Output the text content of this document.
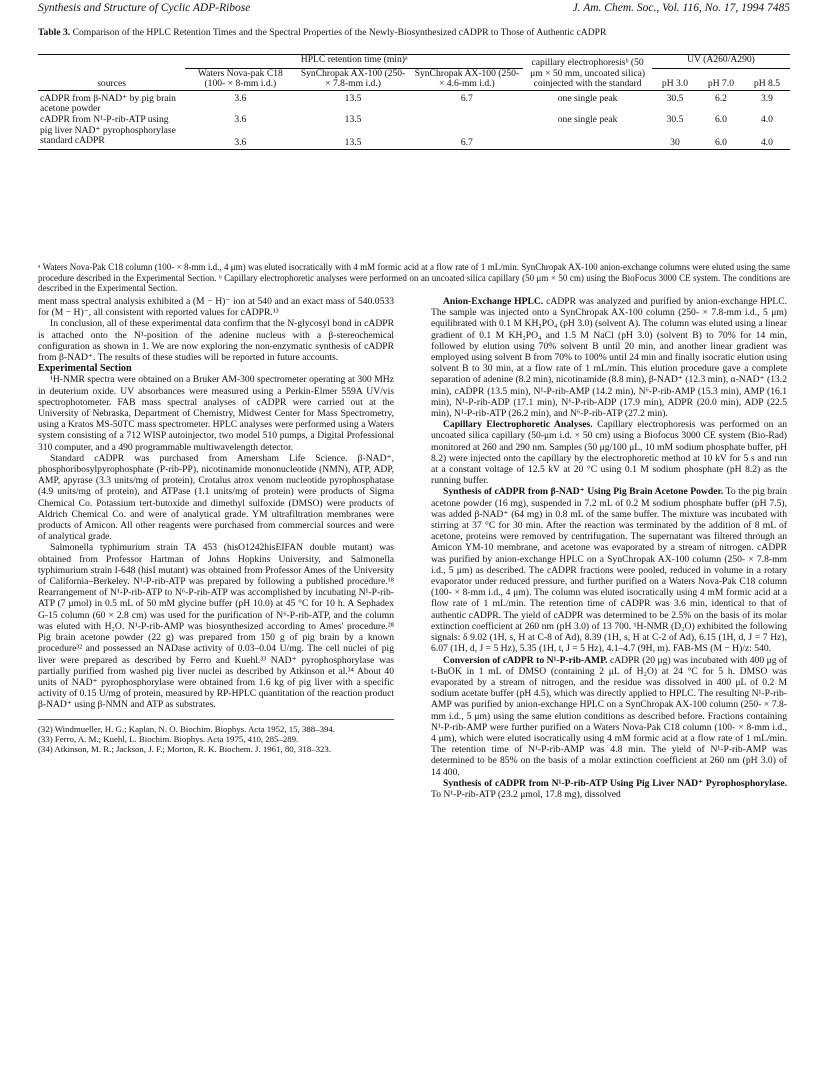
Synthesis and Structure of Cyclic ADP-Ribose	J. Am. Chem. Soc., Vol. 116, No. 17, 1994 7485
Table 3. Comparison of the HPLC Retention Times and the Spectral Properties of the Newly-Biosynthesized cADPR to Those of Authentic cADPR
	HPLC retention time (min)ᵃ			capillary electrophoresisᵇ (50 μm × 50 mm, uncoated silica) coinjected with the standard	UV (A260/A290)		
sources	Waters Nova-pak C18 (100- × 8-mm i.d.)	SynChropak AX-100 (250- × 7.8-mm i.d.)	SynChropak AX-100 (250- × 4.6-mm i.d.)		pH 3.0	pH 7.0	pH 8.5
cADPR from β-NAD⁺ by pig brain acetone powder	3.6	13.5	6.7	one single peak	30.5	6.2	3.9
cADPR from N¹-P-rib-ATP using pig liver NAD⁺ pyrophosphorylase	3.6	13.5		one single peak	30.5	6.0	4.0
standard cADPR	3.6	13.5	6.7		30	6.0	4.0
ᵃ Waters Nova-Pak C18 column (100- × 8-mm i.d., 4 μm) was eluted isocratically with 4 mM formic acid at a flow rate of 1 mL/min. SynChropak AX-100 anion-exchange columns were eluted using the same procedure described in the Experimental Section. ᵇ Capillary electrophoretic analyses were performed on an uncoated silica capillary (50 μm × 50 cm) using the BioFocus 3000 CE system. The conditions are described in the Experimental Section.

ment mass spectral analysis exhibited a (M − H)⁻ ion at 540 and an exact mass of 540.0533 for (M − H)⁻, all consistent with reported values for cADPR.¹³

In conclusion, all of these experimental data confirm that the N-glycosyl bond in cADPR is attached onto the N¹-position of the adenine nucleus with a β-stereochemical configuration as shown in 1. We are now exploring the non-enzymatic synthesis of cADPR from β-NAD⁺. The results of these studies will be reported in future accounts.

Experimental Section

¹H-NMR spectra were obtained on a Bruker AM-300 spectrometer operating at 300 MHz in deuterium oxide. UV absorbances were measured using a Perkin-Elmer 559A UV/vis spectrophotometer. FAB mass spectral analyses of cADPR were carried out at the University of Nebraska, Department of Chemistry, Midwest Center for Mass Spectrometry, using a Kratos MS-50TC mass spectrometer. HPLC analyses were performed using a Waters system consisting of a 712 WISP autoinjector, two model 510 pumps, a Digital Professional 310 computer, and a 490 programmable multiwavelength detector.

Standard cADPR was purchased from Amersham Life Science. β-NAD⁺, phosphoribosylpyrophosphate (P-rib-PP), nicotinamide mononucleotide (NMN), ATP, ADP, AMP, apyrase (3.3 units/mg of protein), Crotalus atrox venom nucleotide pyrophosphatase (4.9 units/mg of protein), and ATPase (1.1 units/mg of protein) were products of Sigma Chemical Co. Potassium tert-butoxide and dimethyl sulfoxide (DMSO) were products of Aldrich Chemical Co. and were of analytical grade. YM ultrafiltration membranes were products of Amicon. All other reagents were purchased from commercial sources and were of analytical grade.

Salmonella typhimurium strain TA 453 (hisO1242hisEIFAN double mutant) was obtained from Professor Hartman of Johns Hopkins University, and Salmonella typhimurium strain I-648 (hisI mutant) was obtained from Professor Ames of the University of California–Berkeley. N¹-P-rib-ATP was prepared by following a published procedure.¹⁸ Rearrangement of N¹-P-rib-ATP to N⁶-P-rib-ATP was accomplished by incubating N¹-P-rib-ATP (7 μmol) in 0.5 mL of 50 mM glycine buffer (pH 10.0) at 45 °C for 10 h. A Sephadex G-15 column (60 × 2.8 cm) was used for the purification of N⁶-P-rib-ATP, and the column was eluted with H₂O. N¹-P-rib-AMP was biosynthesized according to Ames' procedure.²⁸ Pig brain acetone powder (22 g) was prepared from 150 g of pig brain by a known procedure³² and possessed an NADase activity of 0.03–0.04 U/mg. The cell nuclei of pig liver were prepared as described by Ferro and Kuehl.³³ NAD⁺ pyrophosphorylase was partially purified from washed pig liver nuclei as described by Atkinson et al.³⁴ About 40 units of NAD⁺ pyrophosphorylase were obtained from 1.6 kg of pig liver with a specific activity of 0.15 U/mg of protein, measured by RP-HPLC quantitation of the reaction product β-NAD⁺ using β-NMN and ATP as substrates.

(32) Windmueller, H. G.; Kaplan, N. O. Biochim. Biophys. Acta 1952, 15, 388–394.
(33) Ferro, A. M.; Kuehl, L. Biochim. Biophys. Acta 1975, 410, 285–289.
(34) Atkinson, M. R.; Jackson, J. F.; Morton, R. K. Biochem. J. 1961, 80, 318–323.

Anion-Exchange HPLC. cADPR was analyzed and purified by anion-exchange HPLC. The sample was injected onto a SynChropak AX-100 column (250- × 7.8-mm i.d., 5 μm) equilibrated with 0.1 M KH₂PO₄ (pH 3.0) (solvent A). The column was eluted using a linear gradient of 0.1 M KH₂PO₄ and 1.5 M NaCl (pH 3.0) (solvent B) to 70% for 14 min, followed by elution using 70% solvent B until 20 min, and another linear gradient was employed using solvent B from 70% to 100% until 24 min and finally isocratic elution using solvent B to 30 min, at a flow rate of 1 mL/min. This elution procedure gave a complete separation of adenine (8.2 min), nicotinamide (8.8 min), β-NAD⁺ (12.3 min), α-NAD⁺ (13.2 min), cADPR (13.5 min), N¹-P-rib-AMP (14.2 min), N⁶-P-rib-AMP (15.3 min), AMP (16.1 min), N¹-P-rib-ADP (17.1 min), N⁶-P-rib-ADP (17.9 min), ADPR (20.0 min), ADP (22.5 min), N¹-P-rib-ATP (26.2 min), and N⁶-P-rib-ATP (27.2 min).

Capillary Electrophoretic Analyses. Capillary electrophoresis was performed on an uncoated silica capillary (50-μm i.d. × 50 cm) using a Biofocus 3000 CE system (Bio-Rad) monitored at 260 and 290 nm. Samples (50 μg/100 μL, 10 mM sodium phosphate buffer, pH 8.2) were injected onto the capillary by the electrophoretic method at 10 kV for 5 s and run at a constant voltage of 12.5 kV at 20 °C using 0.1 M sodium phosphate (pH 8.2) as the running buffer.

Synthesis of cADPR from β-NAD⁺ Using Pig Brain Acetone Powder. To the pig brain acetone powder (16 mg), suspended in 7.2 mL of 0.2 M sodium phosphate buffer (pH 7.5), was added β-NAD⁺ (64 mg) in 0.8 mL of the same buffer. The mixture was incubated with stirring at 37 °C for 30 min. After the reaction was terminated by the addition of 8 mL of acetone, proteins were removed by centrifugation. The supernatant was filtered through an Amicon YM-10 membrane, and acetone was evaporated by a stream of nitrogen. cADPR was purified by anion-exchange HPLC on a SynChropak AX-100 column (250- × 7.8-mm i.d., 5 μm) as described. The cADPR fractions were pooled, reduced in volume in a rotary evaporator under reduced pressure, and further purified on a Waters Nova-Pak C18 column (100- × 8-mm i.d., 4 μm). The column was eluted isocratically using 4 mM formic acid at a flow rate of 1 mL/min. The retention time of cADPR was 3.6 min, identical to that of authentic cADPR. The yield of cADPR was determined to be 2.5% on the basis of its molar extinction coefficient at 260 nm (pH 3.0) of 13 700. ¹H-NMR (D₂O) exhibited the following signals: δ 9.02 (1H, s, H at C-8 of Ad), 8.39 (1H, s, H at C-2 of Ad), 6.15 (1H, d, J = 7 Hz), 6.07 (1H, d, J = 5 Hz), 5.35 (1H, t, J = 5 Hz), 4.1–4.7 (9H, m). FAB-MS (M − H)/z: 540.

Conversion of cADPR to N¹-P-rib-AMP. cADPR (20 μg) was incubated with 400 μg of t-BuOK in 1 mL of DMSO (containing 2 μL of H₂O) at 24 °C for 5 h. DMSO was evaporated by a stream of nitrogen, and the residue was dissolved in 400 μL of 0.2 M sodium acetate buffer (pH 4.5), which was directly applied to HPLC. The resulting N¹-P-rib-AMP was purified by anion-exchange HPLC on a SynChropak AX-100 column (250- × 7.8-mm i.d., 5 μm) using the same elution conditions as described before. Fractions containing N¹-P-rib-AMP were further purified on a Waters Nova-Pak C18 column (100- × 8-mm i.d., 4 μm), which were eluted isocratically using 4 mM formic acid at a flow rate of 1 mL/min. The retention time of N¹-P-rib-AMP was 4.8 min. The yield of N¹-P-rib-AMP was determined to be 85% on the basis of a molar extinction coefficient at 260 nm (pH 3.0) of 14 400.

Synthesis of cADPR from N¹-P-rib-ATP Using Pig Liver NAD⁺ Pyrophosphorylase. To N¹-P-rib-ATP (23.2 μmol, 17.8 mg), dissolved
